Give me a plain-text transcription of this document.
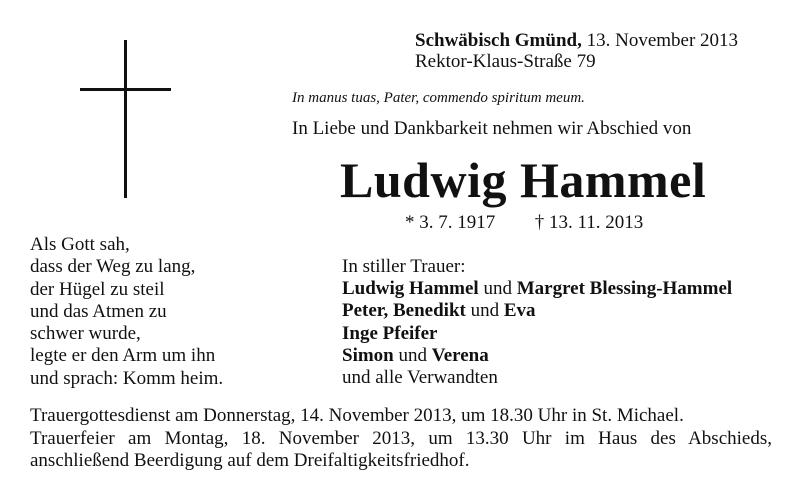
Schwäbisch Gmünd, 13. November 2013
Rektor-Klaus-Straße 79
In manus tuas, Pater, commendo spiritum meum.
In Liebe und Dankbarkeit nehmen wir Abschied von
Ludwig Hammel
* 3. 7. 1917 † 13. 11. 2013
Als Gott sah,
dass der Weg zu lang,
der Hügel zu steil
und das Atmen zu
schwer wurde,
legte er den Arm um ihn
und sprach: Komm heim.
In stiller Trauer:
Ludwig Hammel und Margret Blessing-Hammel
Peter, Benedikt und Eva
Inge Pfeifer
Simon und Verena
und alle Verwandten
Trauergottesdienst am Donnerstag, 14. November 2013, um 18.30 Uhr in St. Michael.
Trauerfeier am Montag, 18. November 2013, um 13.30 Uhr im Haus des Abschieds,
anschließend Beerdigung auf dem Dreifaltigkeitsfriedhof.
